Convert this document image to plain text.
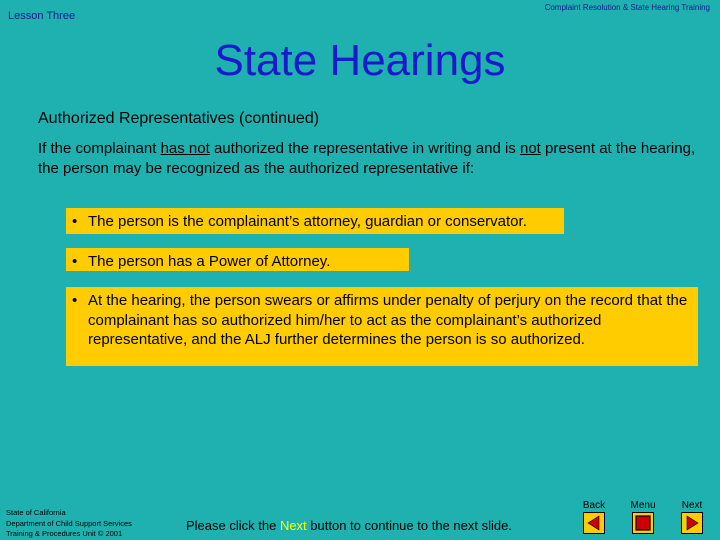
Lesson Three
Complaint Resolution & State Hearing Training
State Hearings
Authorized Representatives (continued)
If the complainant has not authorized the representative in writing and is not present at the hearing, the person may be recognized as the authorized representative if:
• The person is the complainant’s attorney, guardian or conservator.
• The person has a Power of Attorney.
• At the hearing, the person swears or affirms under penalty of perjury on the record that the complainant has so authorized him/her to act as the complainant’s authorized representative, and the ALJ further determines the person is so authorized.
State of California
Department of Child Support Services
Training & Procedures Unit © 2001
Please click the Next button to continue to the next slide.
Back	Menu	Next
